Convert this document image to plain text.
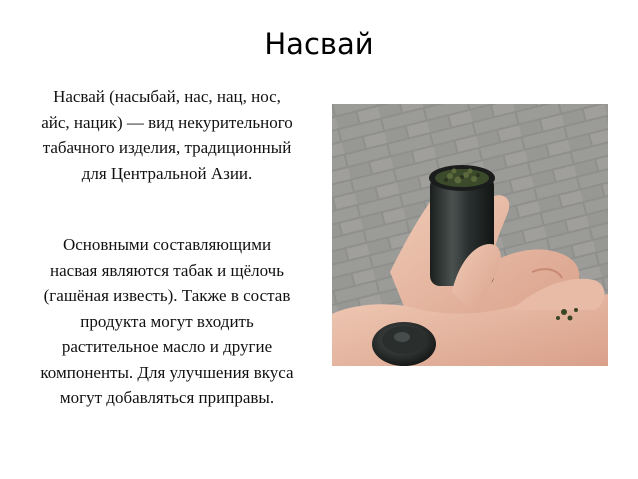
Насвай
Насвай (насыбай, нас, нац, нос,
айс, нацик) — вид некурительного
табачного изделия, традиционный
для Центральной Азии.
Основными составляющими
насвая являются табак и щёлочь
(гашёная известь). Также в состав
продукта могут входить
растительное масло и другие
компоненты. Для улучшения вкуса
могут добавляться приправы.
